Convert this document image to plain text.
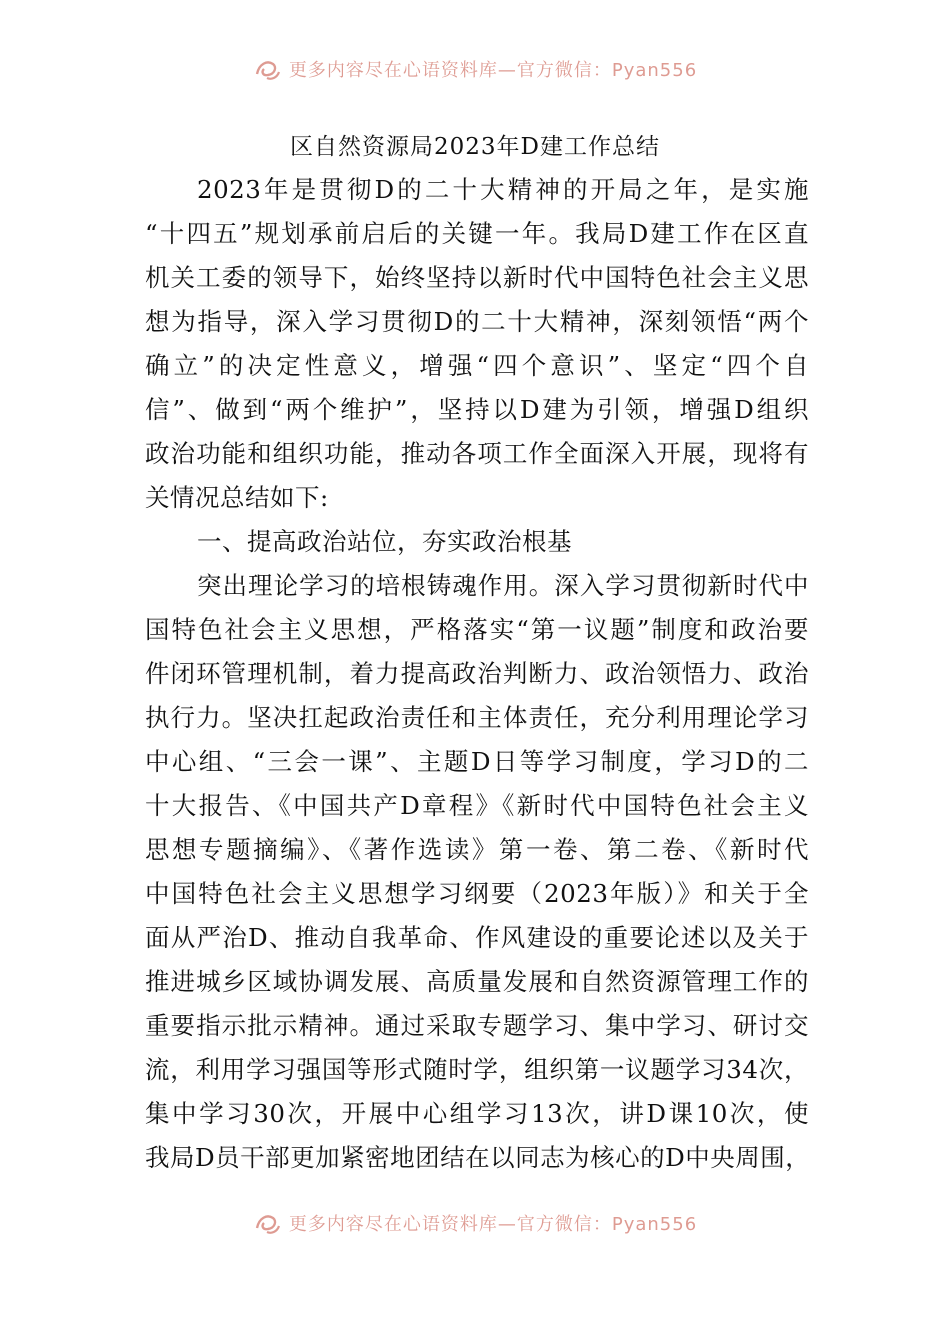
更多内容尽在心语资料库—官方微信：Pyan556
区自然资源局2023年D建工作总结
2023年是贯彻D的二十大精神的开局之年，是实施
“十四五”规划承前启后的关键一年。我局D建工作在区直
机关工委的领导下，始终坚持以新时代中国特色社会主义思
想为指导，深入学习贯彻D的二十大精神，深刻领悟“两个
确立”的决定性意义，增强“四个意识”、坚定“四个自
信”、做到“两个维护”，坚持以D建为引领，增强D组织
政治功能和组织功能，推动各项工作全面深入开展，现将有
关情况总结如下:
一、提高政治站位，夯实政治根基
突出理论学习的培根铸魂作用。深入学习贯彻新时代中
国特色社会主义思想，严格落实“第一议题”制度和政治要
件闭环管理机制，着力提高政治判断力、政治领悟力、政治
执行力。坚决扛起政治责任和主体责任，充分利用理论学习
中心组、“三会一课”、主题D日等学习制度，学习D的二
十大报告、《中国共产D章程》《新时代中国特色社会主义
思想专题摘编》、《著作选读》第一卷、第二卷、《新时代
中国特色社会主义思想学习纲要（2023年版）》和关于全
面从严治D、推动自我革命、作风建设的重要论述以及关于
推进城乡区域协调发展、高质量发展和自然资源管理工作的
重要指示批示精神。通过采取专题学习、集中学习、研讨交
流，利用学习强国等形式随时学，组织第一议题学习34次，
集中学习30次，开展中心组学习13次，讲D课10次，使
我局D员干部更加紧密地团结在以同志为核心的D中央周围，
更多内容尽在心语资料库—官方微信：Pyan556
